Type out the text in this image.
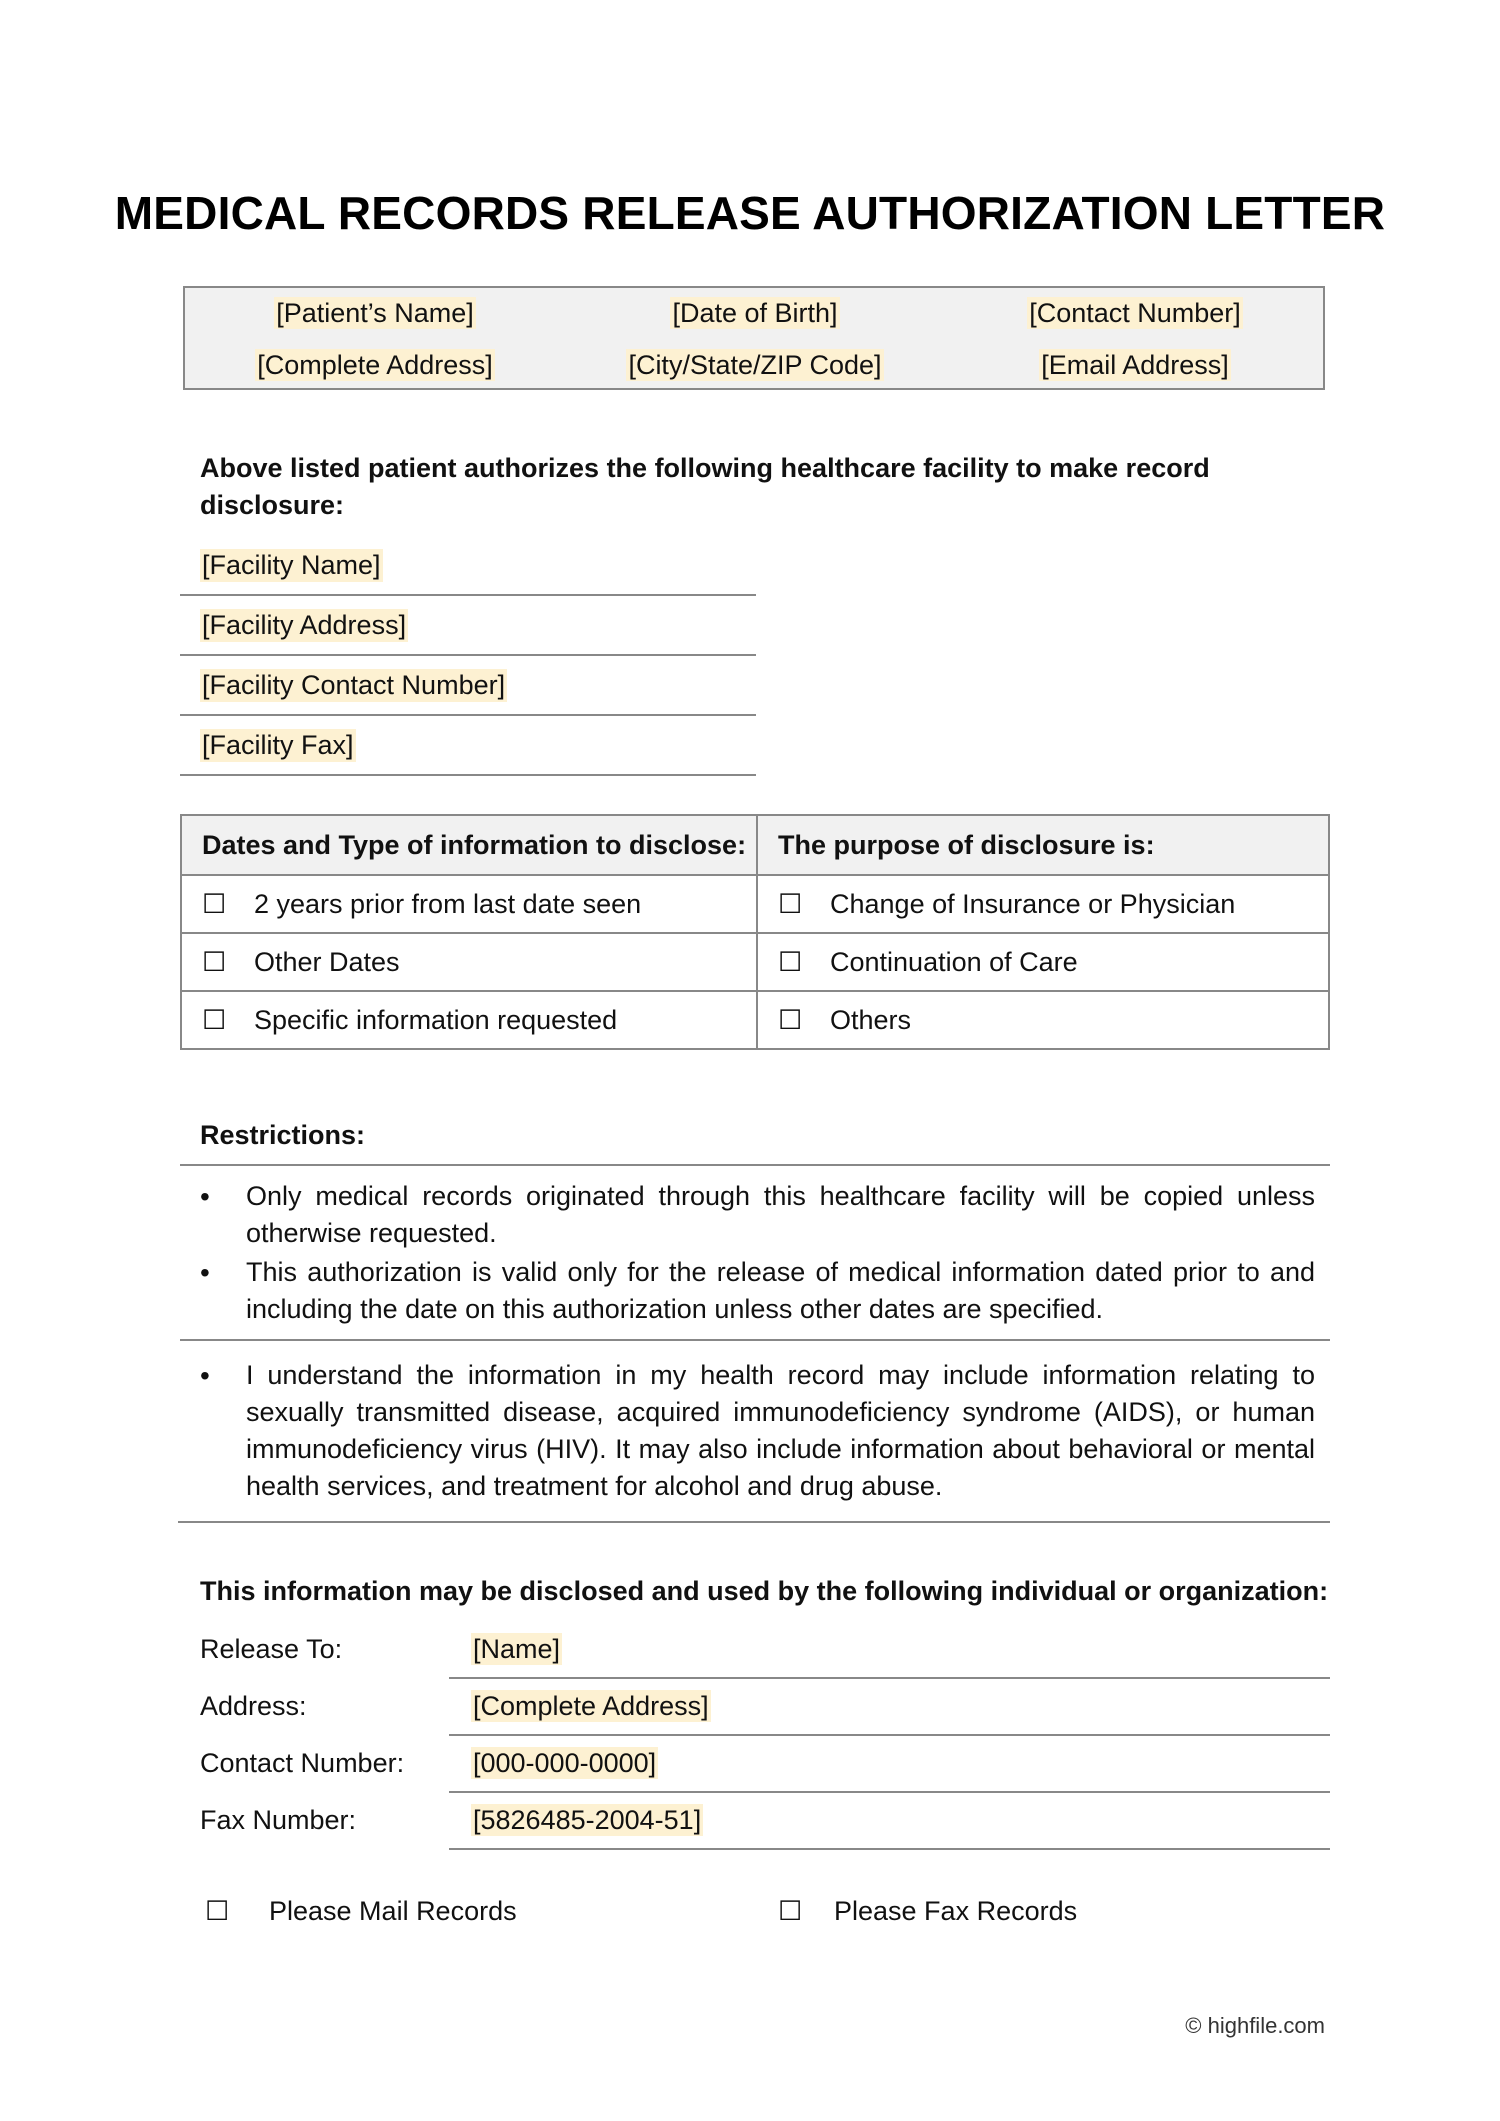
MEDICAL RECORDS RELEASE AUTHORIZATION LETTER
[Patient’s Name]	[Date of Birth]	[Contact Number]
[Complete Address]	[City/State/ZIP Code]	[Email Address]
Above listed patient authorizes the following healthcare facility to make record disclosure:
[Facility Name]
[Facility Address]
[Facility Contact Number]
[Facility Fax]
Dates and Type of information to disclose:	The purpose of disclosure is:
☐ 2 years prior from last date seen	☐ Change of Insurance or Physician
☐ Other Dates	☐ Continuation of Care
☐ Specific information requested	☐ Others
Restrictions:
• Only medical records originated through this healthcare facility will be copied unless otherwise requested.
• This authorization is valid only for the release of medical information dated prior to and including the date on this authorization unless other dates are specified.
• I understand the information in my health record may include information relating to sexually transmitted disease, acquired immunodeficiency syndrome (AIDS), or human immunodeficiency virus (HIV). It may also include information about behavioral or mental health services, and treatment for alcohol and drug abuse.
This information may be disclosed and used by the following individual or organization:
Release To:	[Name]
Address:	[Complete Address]
Contact Number:	[000-000-0000]
Fax Number:	[5826485-2004-51]
☐ Please Mail Records	☐ Please Fax Records
© highfile.com
